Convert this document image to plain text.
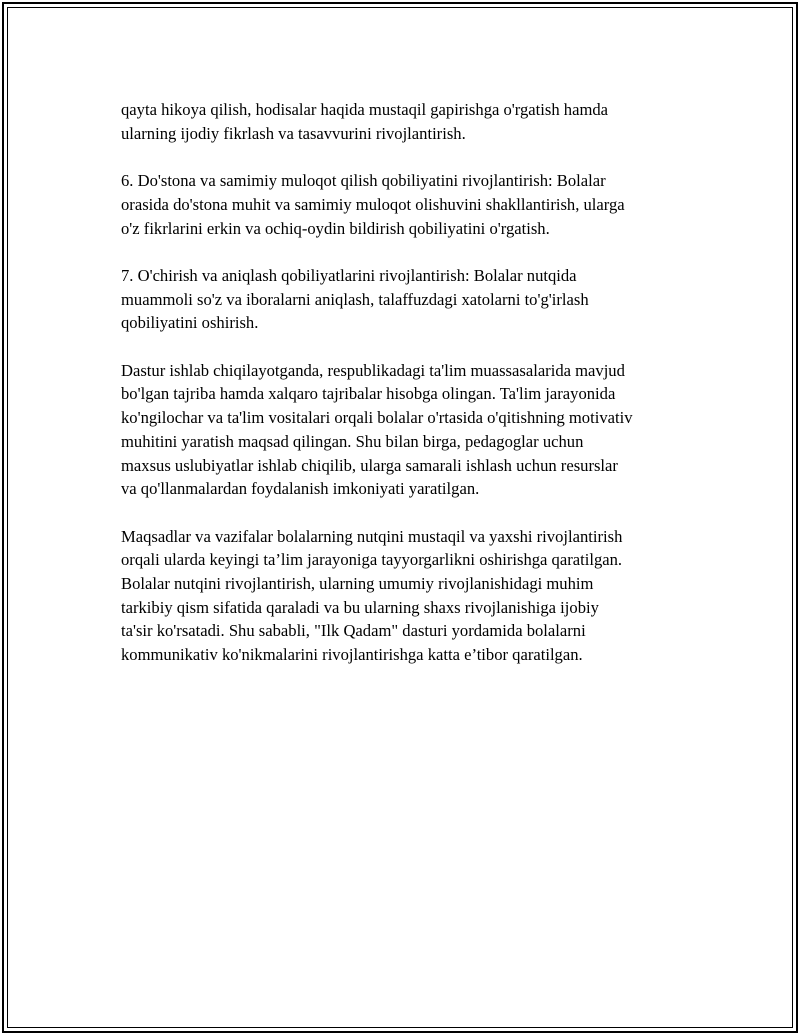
qayta hikoya qilish, hodisalar haqida mustaqil gapirishga o'rgatish hamda
ularning ijodiy fikrlash va tasavvurini rivojlantirish.

6. Do'stona va samimiy muloqot qilish qobiliyatini rivojlantirish: Bolalar
orasida do'stona muhit va samimiy muloqot olishuvini shakllantirish, ularga
o'z fikrlarini erkin va ochiq-oydin bildirish qobiliyatini o'rgatish.

7. O'chirish va aniqlash qobiliyatlarini rivojlantirish: Bolalar nutqida
muammoli so'z va iboralarni aniqlash, talaffuzdagi xatolarni to'g'irlash
qobiliyatini oshirish.

Dastur ishlab chiqilayotganda, respublikadagi ta'lim muassasalarida mavjud
bo'lgan tajriba hamda xalqaro tajribalar hisobga olingan. Ta'lim jarayonida
ko'ngilochar va ta'lim vositalari orqali bolalar o'rtasida o'qitishning motivativ
muhitini yaratish maqsad qilingan. Shu bilan birga, pedagoglar uchun
maxsus uslubiyatlar ishlab chiqilib, ularga samarali ishlash uchun resurslar
va qo'llanmalardan foydalanish imkoniyati yaratilgan.

Maqsadlar va vazifalar bolalarning nutqini mustaqil va yaxshi rivojlantirish
orqali ularda keyingi ta’lim jarayoniga tayyorgarlikni oshirishga qaratilgan.
Bolalar nutqini rivojlantirish, ularning umumiy rivojlanishidagi muhim
tarkibiy qism sifatida qaraladi va bu ularning shaxs rivojlanishiga ijobiy
ta'sir ko'rsatadi. Shu sababli, "Ilk Qadam" dasturi yordamida bolalarni
kommunikativ ko'nikmalarini rivojlantirishga katta e’tibor qaratilgan.
